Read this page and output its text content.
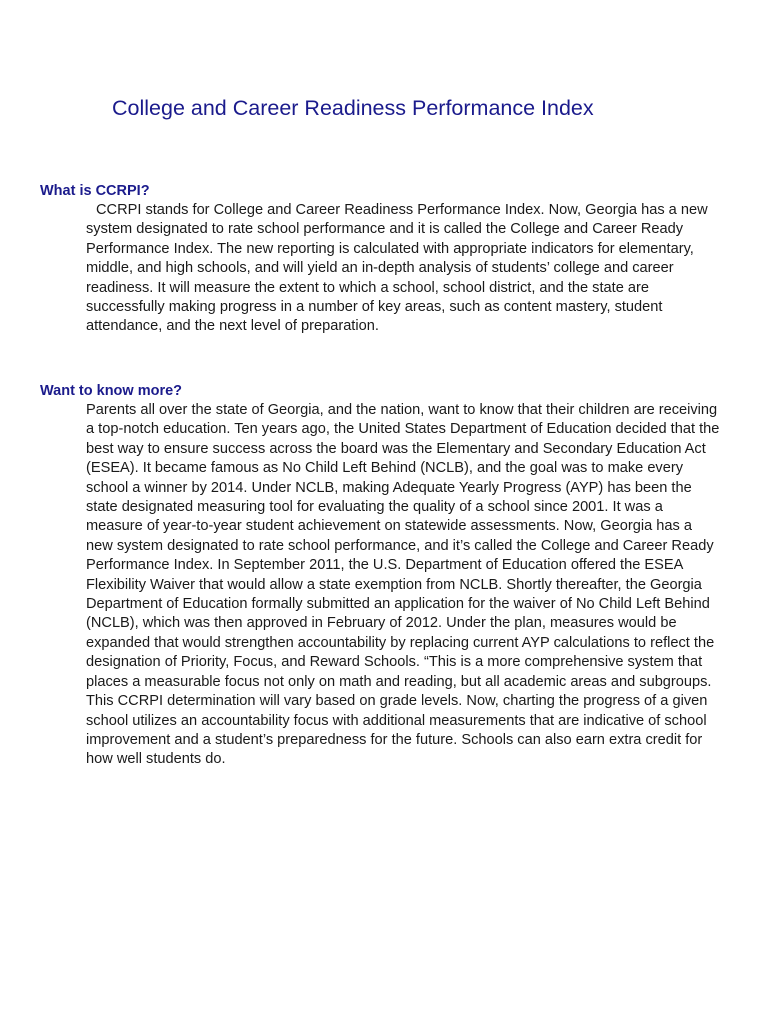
College and Career Readiness Performance Index
What is CCRPI?

CCRPI stands for College and Career Readiness Performance Index. Now, Georgia has a new system designated to rate school performance and it is called the College and Career Ready Performance Index. The new reporting is calculated with appropriate indicators for elementary, middle, and high schools, and will yield an in-depth analysis of students’ college and career readiness. It will measure the extent to which a school, school district, and the state are successfully making progress in a number of key areas, such as content mastery, student attendance, and the next level of preparation.

Want to know more?

Parents all over the state of Georgia, and the nation, want to know that their children are receiving a top-notch education. Ten years ago, the United States Department of Education decided that the best way to ensure success across the board was the Elementary and Secondary Education Act (ESEA). It became famous as No Child Left Behind (NCLB), and the goal was to make every school a winner by 2014. Under NCLB, making Adequate Yearly Progress (AYP) has been the state designated measuring tool for evaluating the quality of a school since 2001. It was a measure of year-to-year student achievement on statewide assessments. Now, Georgia has a new system designated to rate school performance, and it’s called the College and Career Ready Performance Index. In September 2011, the U.S. Department of Education offered the ESEA Flexibility Waiver that would allow a state exemption from NCLB. Shortly thereafter, the Georgia Department of Education formally submitted an application for the waiver of No Child Left Behind (NCLB), which was then approved in February of 2012. Under the plan, measures would be expanded that would strengthen accountability by replacing current AYP calculations to reflect the designation of Priority, Focus, and Reward Schools. “This is a more comprehensive system that places a measurable focus not only on math and reading, but all academic areas and subgroups. This CCRPI determination will vary based on grade levels. Now, charting the progress of a given school utilizes an accountability focus with additional measurements that are indicative of school improvement and a student’s preparedness for the future. Schools can also earn extra credit for how well students do.
